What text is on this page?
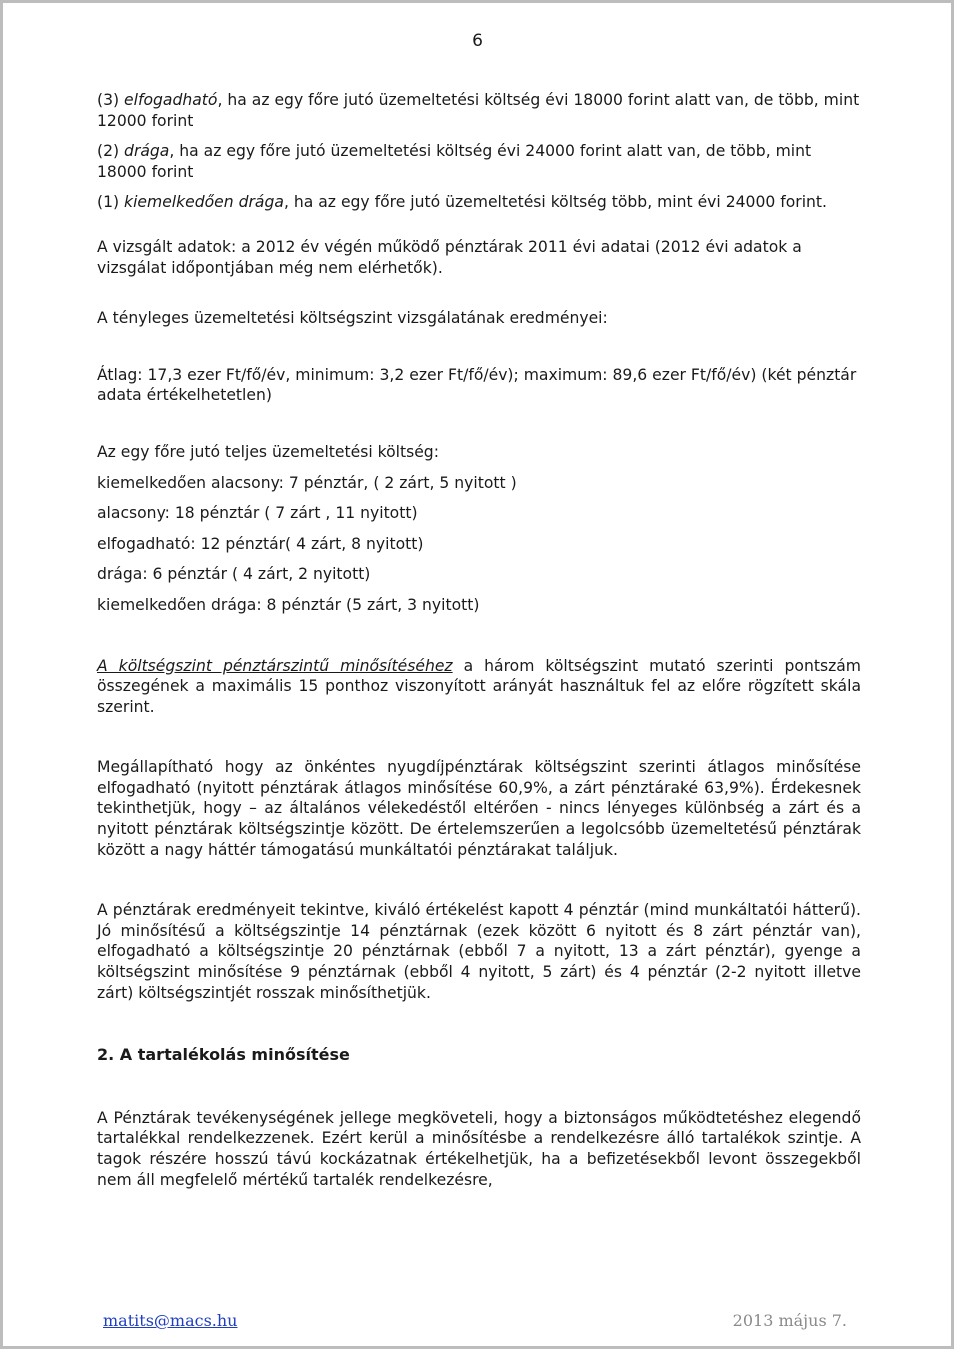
6

(3) elfogadható, ha az egy főre jutó üzemeltetési költség évi 18000 forint alatt van, de több, mint 12000 forint

(2) drága, ha az egy főre jutó üzemeltetési költség évi 24000 forint alatt van, de több, mint 18000 forint

(1) kiemelkedően drága, ha az egy főre jutó üzemeltetési költség több, mint évi 24000 forint.

A vizsgált adatok: a 2012 év végén működő pénztárak 2011 évi adatai (2012 évi adatok a vizsgálat időpontjában még nem elérhetők).

A tényleges üzemeltetési költségszint vizsgálatának eredményei:

Átlag: 17,3 ezer Ft/fő/év, minimum: 3,2 ezer Ft/fő/év); maximum: 89,6 ezer Ft/fő/év) (két pénztár adata értékelhetetlen)

Az egy főre jutó teljes üzemeltetési költség:

kiemelkedően alacsony: 7 pénztár, ( 2 zárt, 5 nyitott )

alacsony: 18 pénztár ( 7 zárt , 11 nyitott)

elfogadható: 12 pénztár( 4 zárt, 8 nyitott)

drága: 6 pénztár ( 4 zárt, 2 nyitott)

kiemelkedően drága: 8 pénztár (5 zárt, 3 nyitott)

A költségszint pénztárszintű minősítéséhez a három költségszint mutató szerinti pontszám összegének a maximális 15 ponthoz viszonyított arányát használtuk fel az előre rögzített skála szerint.

Megállapítható hogy az önkéntes nyugdíjpénztárak költségszint szerinti átlagos minősítése elfogadható (nyitott pénztárak átlagos minősítése 60,9%, a zárt pénztáraké 63,9%). Érdekesnek tekinthetjük, hogy – az általános vélekedéstől eltérően - nincs lényeges különbség a zárt és a nyitott pénztárak költségszintje között. De értelemszerűen a legolcsóbb üzemeltetésű pénztárak között a nagy háttér támogatású munkáltatói pénztárakat találjuk.

A pénztárak eredményeit tekintve, kiváló értékelést kapott 4 pénztár (mind munkáltatói hátterű). Jó minősítésű a költségszintje 14 pénztárnak (ezek között 6 nyitott és 8 zárt pénztár van), elfogadható a költségszintje 20 pénztárnak (ebből 7 a nyitott, 13 a zárt pénztár), gyenge a költségszint minősítése 9 pénztárnak (ebből 4 nyitott, 5 zárt) és 4 pénztár (2-2 nyitott illetve zárt) költségszintjét rosszak minősíthetjük.

2. A tartalékolás minősítése

A Pénztárak tevékenységének jellege megköveteli, hogy a biztonságos működtetéshez elegendő tartalékkal rendelkezzenek. Ezért kerül a minősítésbe a rendelkezésre álló tartalékok szintje. A tagok részére hosszú távú kockázatnak értékelhetjük, ha a befizetésekből levont összegekből nem áll megfelelő mértékű tartalék rendelkezésre,

matits@macs.hu	2013 május 7.
